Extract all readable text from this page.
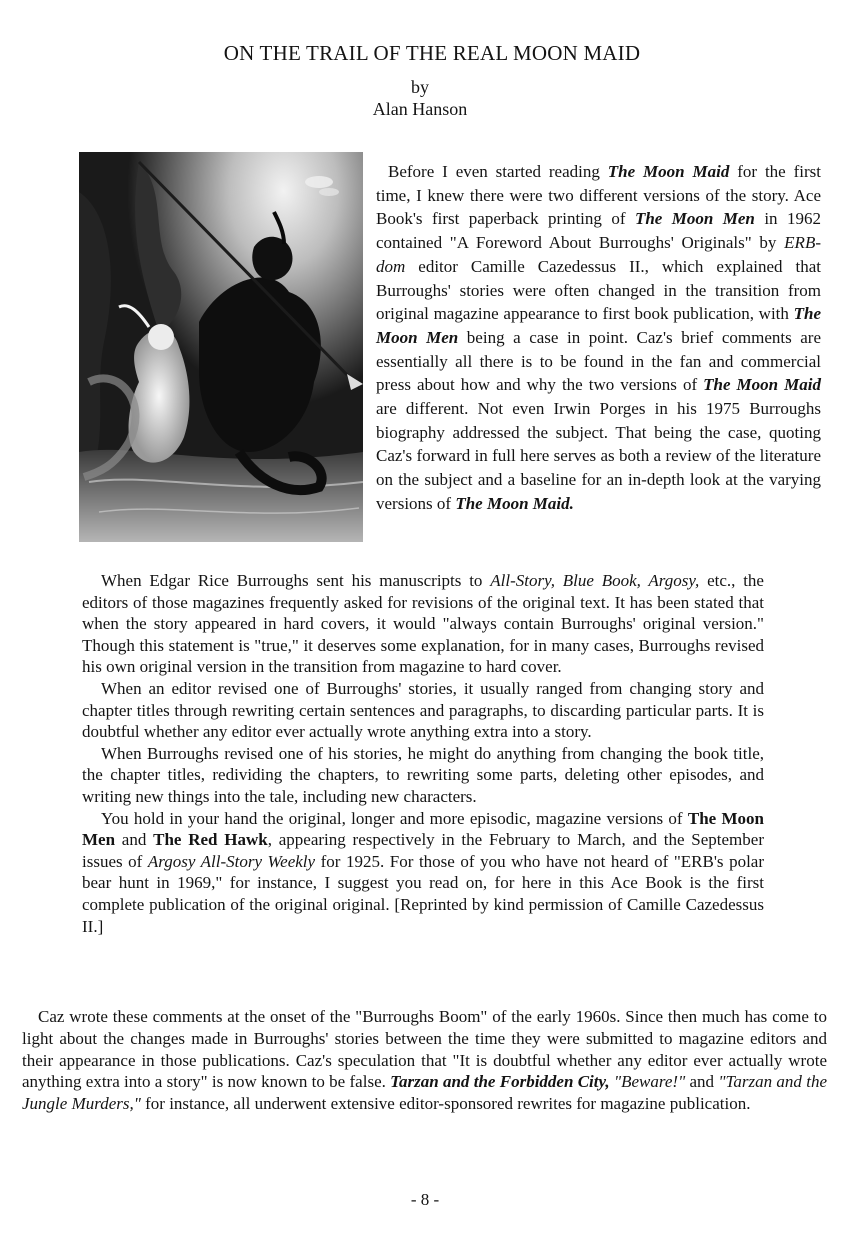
ON THE TRAIL OF THE REAL MOON MAID
by
Alan Hanson

Before I even started reading The Moon Maid for the first time, I knew there were two different versions of the story. Ace Book's first paperback printing of The Moon Men in 1962 contained "A Foreword About Burroughs' Originals" by ERB-dom editor Camille Cazedessus II., which explained that Burroughs' stories were often changed in the transition from original magazine appearance to first book publication, with The Moon Men being a case in point. Caz's brief comments are essentially all there is to be found in the fan and commercial press about how and why the two versions of The Moon Maid are different. Not even Irwin Porges in his 1975 Burroughs biography addressed the subject. That being the case, quoting Caz's forward in full here serves as both a review of the literature on the subject and a baseline for an in-depth look at the varying versions of The Moon Maid.

When Edgar Rice Burroughs sent his manuscripts to All-Story, Blue Book, Argosy, etc., the editors of those magazines frequently asked for revisions of the original text. It has been stated that when the story appeared in hard covers, it would "always contain Burroughs' original version." Though this statement is "true," it deserves some explanation, for in many cases, Burroughs revised his own original version in the transition from magazine to hard cover.

When an editor revised one of Burroughs' stories, it usually ranged from changing story and chapter titles through rewriting certain sentences and paragraphs, to discarding particular parts. It is doubtful whether any editor ever actually wrote anything extra into a story.

When Burroughs revised one of his stories, he might do anything from changing the book title, the chapter titles, redividing the chapters, to rewriting some parts, deleting other episodes, and writing new things into the tale, including new characters.

You hold in your hand the original, longer and more episodic, magazine versions of The Moon Men and The Red Hawk, appearing respectively in the February to March, and the September issues of Argosy All-Story Weekly for 1925. For those of you who have not heard of "ERB's polar bear hunt in 1969," for instance, I suggest you read on, for here in this Ace Book is the first complete publication of the original original. [Reprinted by kind permission of Camille Cazedessus II.]

Caz wrote these comments at the onset of the "Burroughs Boom" of the early 1960s. Since then much has come to light about the changes made in Burroughs' stories between the time they were submitted to magazine editors and their appearance in those publications. Caz's speculation that "It is doubtful whether any editor ever actually wrote anything extra into a story" is now known to be false. Tarzan and the Forbidden City, "Beware!" and "Tarzan and the Jungle Murders," for instance, all underwent extensive editor-sponsored rewrites for magazine publication.

- 8 -
